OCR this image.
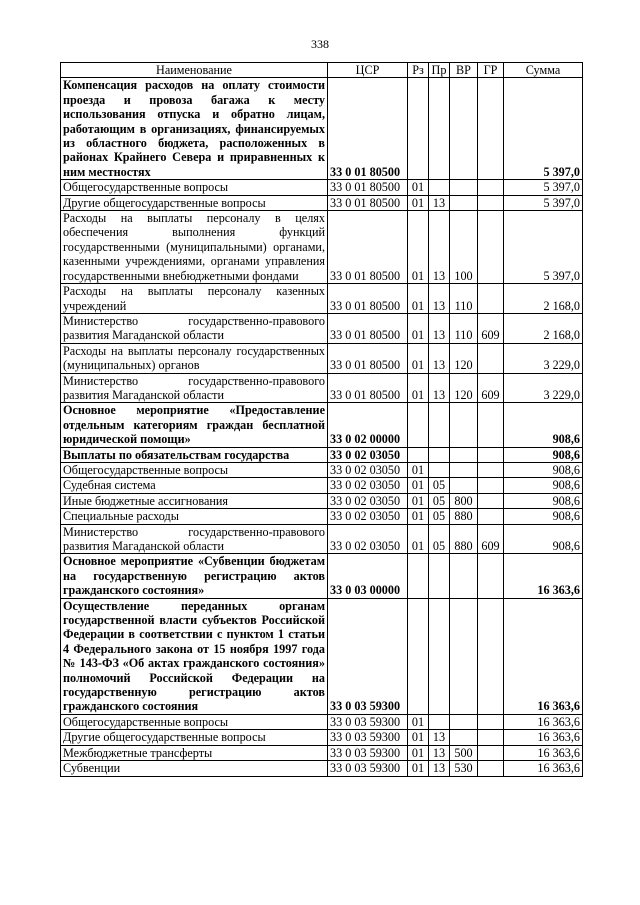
338
Наименование	ЦСР	Рз	Пр	ВР	ГР	Сумма
Компенсация расходов на оплату стоимости проезда и провоза багажа к месту использования отпуска и обратно лицам, работающим в организациях, финансируемых из областного бюджета, расположенных в районах Крайнего Севера и приравненных к ним местностях	33 0 01 80500					5 397,0
Общегосударственные вопросы	33 0 01 80500	01				5 397,0
Другие общегосударственные вопросы	33 0 01 80500	01	13			5 397,0
Расходы на выплаты персоналу в целях обеспечения выполнения функций государственными (муниципальными) органами, казенными учреждениями, органами управления государственными внебюджетными фондами	33 0 01 80500	01	13	100		5 397,0
Расходы на выплаты персоналу казенных учреждений	33 0 01 80500	01	13	110		2 168,0
Министерство государственно-правового развития Магаданской области	33 0 01 80500	01	13	110	609	2 168,0
Расходы на выплаты персоналу государственных (муниципальных) органов	33 0 01 80500	01	13	120		3 229,0
Министерство государственно-правового развития Магаданской области	33 0 01 80500	01	13	120	609	3 229,0
Основное мероприятие «Предоставление отдельным категориям граждан бесплатной юридической помощи»	33 0 02 00000					908,6
Выплаты по обязательствам государства	33 0 02 03050					908,6
Общегосударственные вопросы	33 0 02 03050	01				908,6
Судебная система	33 0 02 03050	01	05			908,6
Иные бюджетные ассигнования	33 0 02 03050	01	05	800		908,6
Специальные расходы	33 0 02 03050	01	05	880		908,6
Министерство государственно-правового развития Магаданской области	33 0 02 03050	01	05	880	609	908,6
Основное мероприятие «Субвенции бюджетам на государственную регистрацию актов гражданского состояния»	33 0 03 00000					16 363,6
Осуществление переданных органам государственной власти субъектов Российской Федерации в соответствии с пунктом 1 статьи 4 Федерального закона от 15 ноября 1997 года № 143-ФЗ «Об актах гражданского состояния» полномочий Российской Федерации на государственную регистрацию актов гражданского состояния	33 0 03 59300					16 363,6
Общегосударственные вопросы	33 0 03 59300	01				16 363,6
Другие общегосударственные вопросы	33 0 03 59300	01	13			16 363,6
Межбюджетные трансферты	33 0 03 59300	01	13	500		16 363,6
Субвенции	33 0 03 59300	01	13	530		16 363,6
